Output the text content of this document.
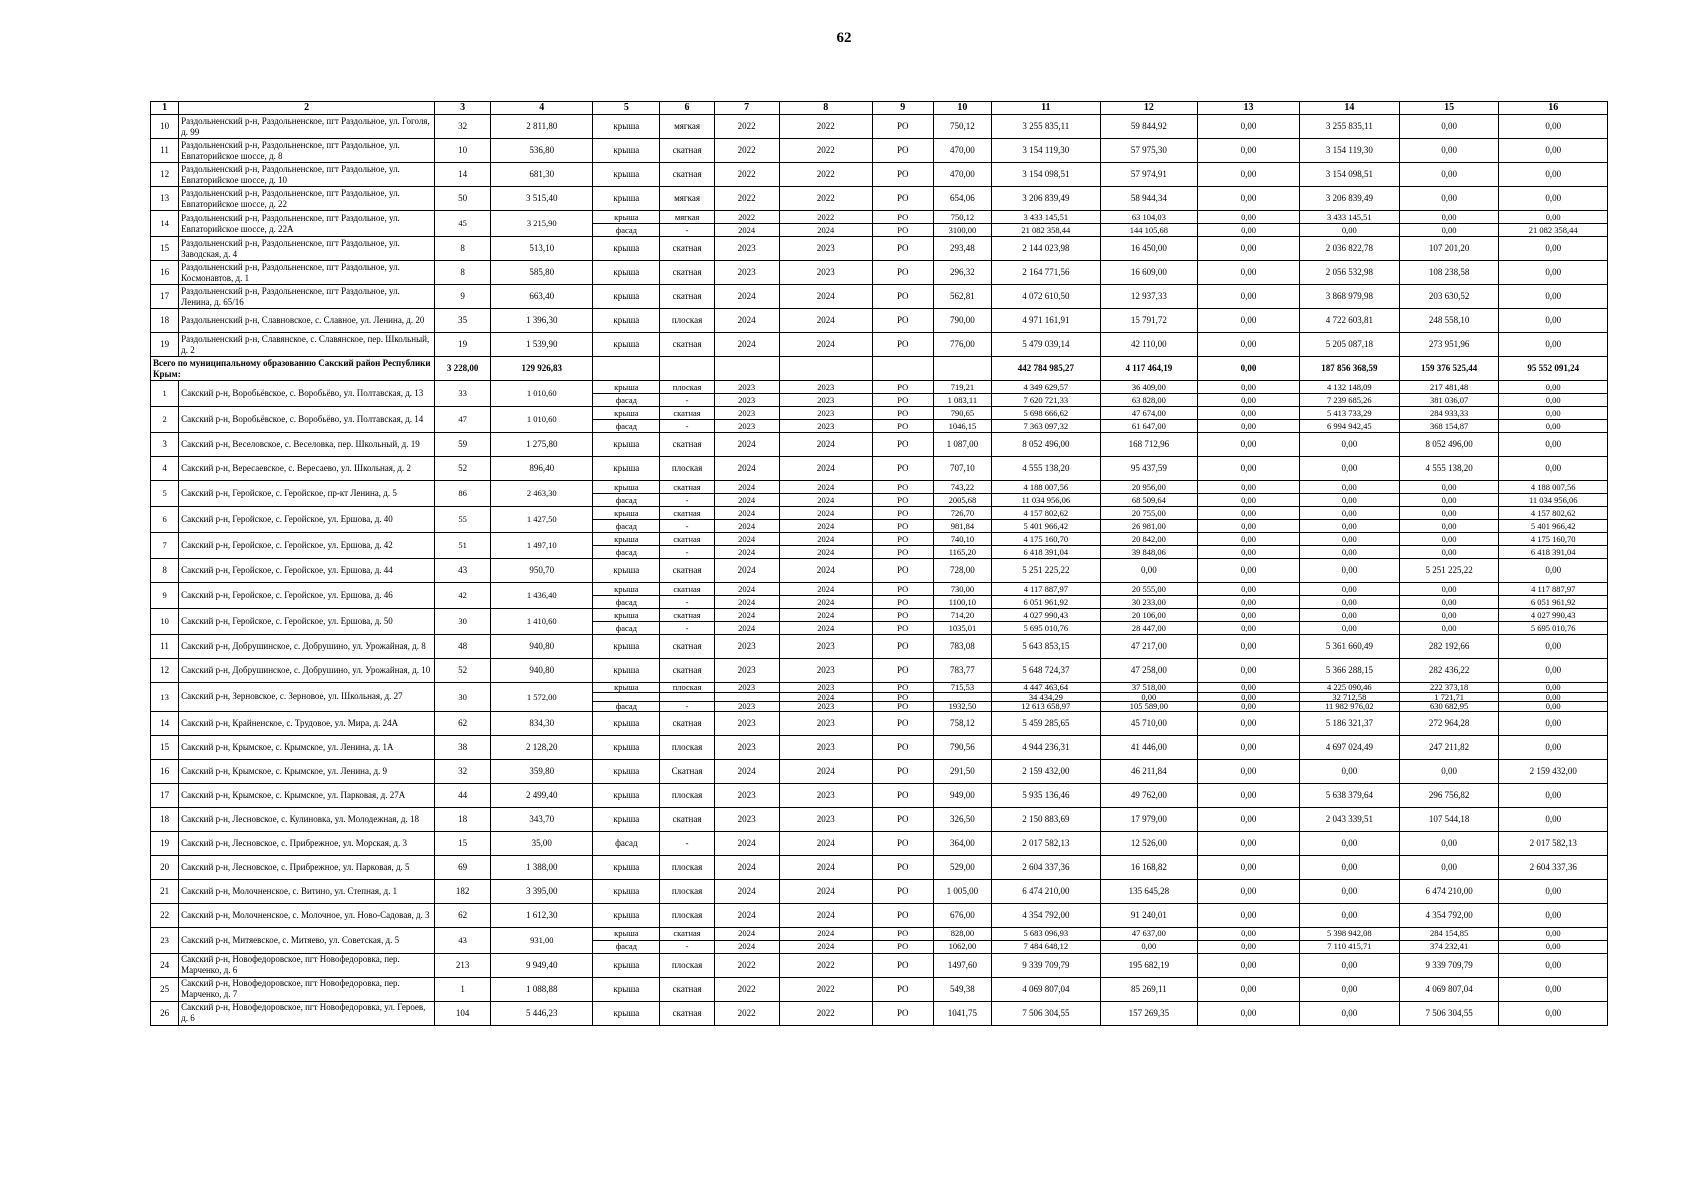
62
1	2	3	4	5	6	7	8	9	10	11	12	13	14	15	16
10	Раздольненский р-н, Раздольненское, пгт Раздольное, ул. Гоголя, д. 99	32	2 811,80	крыша	мягкая	2022	2022	РО	750,12	3 255 835,11	59 844,92	0,00	3 255 835,11	0,00	0,00
11	Раздольненский р-н, Раздольненское, пгт Раздольное, ул. Евпаторийское шоссе, д. 8	10	536,80	крыша	скатная	2022	2022	РО	470,00	3 154 119,30	57 975,30	0,00	3 154 119,30	0,00	0,00
12	Раздольненский р-н, Раздольненское, пгт Раздольное, ул. Евпаторийское шоссе, д. 10	14	681,30	крыша	скатная	2022	2022	РО	470,00	3 154 098,51	57 974,91	0,00	3 154 098,51	0,00	0,00
13	Раздольненский р-н, Раздольненское, пгт Раздольное, ул. Евпаторийское шоссе, д. 22	50	3 515,40	крыша	мягкая	2022	2022	РО	654,06	3 206 839,49	58 944,34	0,00	3 206 839,49	0,00	0,00
14	Раздольненский р-н, Раздольненское, пгт Раздольное, ул. Евпаторийское шоссе, д. 22А	45	3 215,90	крыша	мягкая	2022	2022	РО	750,12	3 433 145,51	63 104,03	0,00	3 433 145,51	0,00	0,00
				фасад	-	2024	2024	РО	3100,00	21 082 358,44	144 105,68	0,00	0,00	0,00	21 082 358,44
15	Раздольненский р-н, Раздольненское, пгт Раздольное, ул. Заводская, д. 4	8	513,10	крыша	скатная	2023	2023	РО	293,48	2 144 023,98	16 450,00	0,00	2 036 822,78	107 201,20	0,00
16	Раздольненский р-н, Раздольненское, пгт Раздольное, ул. Космонавтов, д. 1	8	585,80	крыша	скатная	2023	2023	РО	296,32	2 164 771,56	16 609,00	0,00	2 056 532,98	108 238,58	0,00
17	Раздольненский р-н, Раздольненское, пгт Раздольное, ул. Ленина, д. 65/16	9	663,40	крыша	скатная	2024	2024	РО	562,81	4 072 610,50	12 937,33	0,00	3 868 979,98	203 630,52	0,00
18	Раздольненский р-н, Славновское, с. Славное, ул. Ленина, д. 20	35	1 396,30	крыша	плоская	2024	2024	РО	790,00	4 971 161,91	15 791,72	0,00	4 722 603,81	248 558,10	0,00
19	Раздольненский р-н, Славянское, с. Славянское, пер. Школьный, д. 2	19	1 539,90	крыша	скатная	2024	2024	РО	776,00	5 479 039,14	42 110,00	0,00	5 205 087,18	273 951,96	0,00
Всего по муниципальному образованию Сакский район Республики Крым:		3 228,00	129 926,83							442 784 985,27	4 117 464,19	0,00	187 856 368,59	159 376 525,44	95 552 091,24
1	Сакский р-н, Воробьёвское, с. Воробьёво, ул. Полтавская, д. 13	33	1 010,60	крыша	плоская	2023	2023	РО	719,21	4 349 629,57	36 409,00	0,00	4 132 148,09	217 481,48	0,00
				фасад	-	2023	2023	РО	1 083,11	7 620 721,33	63 828,00	0,00	7 239 685,26	381 036,07	0,00
2	Сакский р-н, Воробьёвское, с. Воробьёво, ул. Полтавская, д. 14	47	1 010,60	крыша	скатная	2023	2023	РО	790,65	5 698 666,62	47 674,00	0,00	5 413 733,29	284 933,33	0,00
				фасад	-	2023	2023	РО	1046,15	7 363 097,32	61 647,00	0,00	6 994 942,45	368 154,87	0,00
3	Сакский р-н, Веселовское, с. Веселовка, пер. Школьный, д. 19	59	1 275,80	крыша	скатная	2024	2024	РО	1 087,00	8 052 496,00	168 712,96	0,00	0,00	8 052 496,00	0,00
4	Сакский р-н, Вересаевское, с. Вересаево, ул. Школьная, д. 2	52	896,40	крыша	плоская	2024	2024	РО	707,10	4 555 138,20	95 437,59	0,00	0,00	4 555 138,20	0,00
5	Сакский р-н, Геройское, с. Геройское, пр-кт Ленина, д. 5	86	2 463,30	крыша	скатная	2024	2024	РО	743,22	4 188 007,56	20 956,00	0,00	0,00	0,00	4 188 007,56
				фасад	-	2024	2024	РО	2005,68	11 034 956,06	68 509,64	0,00	0,00	0,00	11 034 956,06
6	Сакский р-н, Геройское, с. Геройское, ул. Ершова, д. 40	55	1 427,50	крыша	скатная	2024	2024	РО	726,70	4 157 802,62	20 755,00	0,00	0,00	0,00	4 157 802,62
				фасад	-	2024	2024	РО	981,84	5 401 966,42	26 981,00	0,00	0,00	0,00	5 401 966,42
7	Сакский р-н, Геройское, с. Геройское, ул. Ершова, д. 42	51	1 497,10	крыша	скатная	2024	2024	РО	740,10	4 175 160,70	20 842,00	0,00	0,00	0,00	4 175 160,70
				фасад	-	2024	2024	РО	1165,20	6 418 391,04	39 848,06	0,00	0,00	0,00	6 418 391,04
8	Сакский р-н, Геройское, с. Геройское, ул. Ершова, д. 44	43	950,70	крыша	скатная	2024	2024	РО	728,00	5 251 225,22	0,00	0,00	0,00	5 251 225,22	0,00
9	Сакский р-н, Геройское, с. Геройское, ул. Ершова, д. 46	42	1 436,40	крыша	скатная	2024	2024	РО	730,00	4 117 887,97	20 555,00	0,00	0,00	0,00	4 117 887,97
				фасад	-	2024	2024	РО	1100,10	6 051 961,92	30 233,00	0,00	0,00	0,00	6 051 961,92
10	Сакский р-н, Геройское, с. Геройское, ул. Ершова, д. 50	30	1 410,60	крыша	скатная	2024	2024	РО	714,20	4 027 990,43	20 106,00	0,00	0,00	0,00	4 027 990,43
				фасад	-	2024	2024	РО	1035,01	5 695 010,76	28 447,00	0,00	0,00	0,00	5 695 010,76
11	Сакский р-н, Добрушинское, с. Добрушино, ул. Урожайная, д. 8	48	940,80	крыша	скатная	2023	2023	РО	783,08	5 643 853,15	47 217,00	0,00	5 361 660,49	282 192,66	0,00
12	Сакский р-н, Добрушинское, с. Добрушино, ул. Урожайная, д. 10	52	940,80	крыша	скатная	2023	2023	РО	783,77	5 648 724,37	47 258,00	0,00	5 366 288,15	282 436,22	0,00
13	Сакский р-н, Зерновское, с. Зерновое, ул. Школьная, д. 27	30	1 572,00	крыша	плоская	2023	2023	РО	715,53	4 447 463,64	37 518,00	0,00	4 225 090,46	222 373,18	0,00
							2024	РО		34 434,29	0,00	0,00	32 712,58	1 721,71	0,00
				фасад	-	2023	2023	РО	1932,50	12 613 658,97	105 589,00	0,00	11 982 976,02	630 682,95	0,00
14	Сакский р-н, Крайненское, с. Трудовое, ул. Мира, д. 24А	62	834,30	крыша	скатная	2023	2023	РО	758,12	5 459 285,65	45 710,00	0,00	5 186 321,37	272 964,28	0,00
15	Сакский р-н, Крымское, с. Крымское, ул. Ленина, д. 1А	38	2 128,20	крыша	плоская	2023	2023	РО	790,56	4 944 236,31	41 446,00	0,00	4 697 024,49	247 211,82	0,00
16	Сакский р-н, Крымское, с. Крымское, ул. Ленина, д. 9	32	359,80	крыша	Скатная	2024	2024	РО	291,50	2 159 432,00	46 211,84	0,00	0,00	0,00	2 159 432,00
17	Сакский р-н, Крымское, с. Крымское, ул. Парковая, д. 27А	44	2 499,40	крыша	плоская	2023	2023	РО	949,00	5 935 136,46	49 762,00	0,00	5 638 379,64	296 756,82	0,00
18	Сакский р-н, Лесновское, с. Кулиновка, ул. Молодежная, д. 18	18	343,70	крыша	скатная	2023	2023	РО	326,50	2 150 883,69	17 979,00	0,00	2 043 339,51	107 544,18	0,00
19	Сакский р-н, Лесновское, с. Прибрежное, ул. Морская, д. 3	15	35,00	фасад	-	2024	2024	РО	364,00	2 017 582,13	12 526,00	0,00	0,00	0,00	2 017 582,13
20	Сакский р-н, Лесновское, с. Прибрежное, ул. Парковая, д. 5	69	1 388,00	крыша	плоская	2024	2024	РО	529,00	2 604 337,36	16 168,82	0,00	0,00	0,00	2 604 337,36
21	Сакский р-н, Молочненское, с. Витино, ул. Степная, д. 1	182	3 395,00	крыша	плоская	2024	2024	РО	1 005,00	6 474 210,00	135 645,28	0,00	0,00	6 474 210,00	0,00
22	Сакский р-н, Молочненское, с. Молочное, ул. Ново-Садовая, д. 3	62	1 612,30	крыша	плоская	2024	2024	РО	676,00	4 354 792,00	91 240,01	0,00	0,00	4 354 792,00	0,00
23	Сакский р-н, Митяевское, с. Митяево, ул. Советская, д. 5	43	931,00	крыша	скатная	2024	2024	РО	828,00	5 683 096,93	47 637,00	0,00	5 398 942,08	284 154,85	0,00
				фасад	-	2024	2024	РО	1062,00	7 484 648,12	0,00	0,00	7 110 415,71	374 232,41	0,00
24	Сакский р-н, Новофедоровское, пгт Новофедоровка, пер. Марченко, д. 6	213	9 949,40	крыша	плоская	2022	2022	РО	1497,60	9 339 709,79	195 682,19	0,00	0,00	9 339 709,79	0,00
25	Сакский р-н, Новофедоровское, пгт Новофедоровка, пер. Марченко, д. 7	1	1 088,88	крыша	скатная	2022	2022	РО	549,38	4 069 807,04	85 269,11	0,00	0,00	4 069 807,04	0,00
26	Сакский р-н, Новофедоровское, пгт Новофедоровка, ул. Героев, д. 6	104	5 446,23	крыша	скатная	2022	2022	РО	1041,75	7 506 304,55	157 269,35	0,00	0,00	7 506 304,55	0,00
